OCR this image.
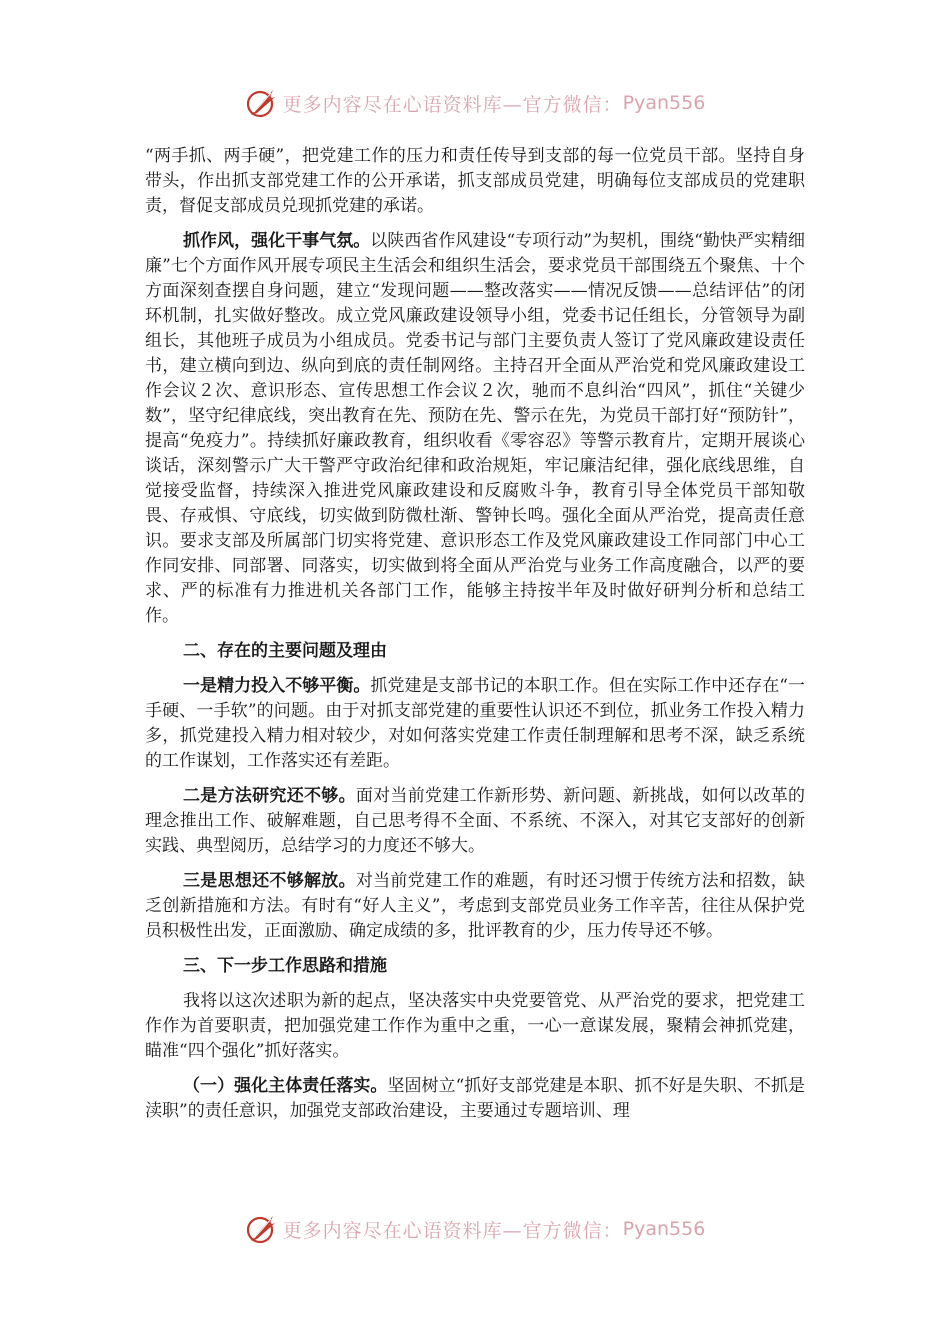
更多内容尽在心语资料库—官方微信： Pyan556

“两手抓、两手硬”，把党建工作的压力和责任传导到支部的每一位党员干部。坚持自身带头，作出抓支部党建工作的公开承诺，抓支部成员党建，明确每位支部成员的党建职责，督促支部成员兑现抓党建的承诺。

抓作风，强化干事气氛。以陕西省作风建设“专项行动”为契机，围绕“勤快严实精细廉”七个方面作风开展专项民主生活会和组织生活会，要求党员干部围绕五个聚焦、十个方面深刻查摆自身问题，建立“发现问题——整改落实——情况反馈——总结评估”的闭环机制，扎实做好整改。成立党风廉政建设领导小组，党委书记任组长，分管领导为副组长，其他班子成员为小组成员。党委书记与部门主要负责人签订了党风廉政建设责任书，建立横向到边、纵向到底的责任制网络。主持召开全面从严治党和党风廉政建设工作会议２次、意识形态、宣传思想工作会议２次，驰而不息纠治“四风”，抓住“关键少数”，坚守纪律底线，突出教育在先、预防在先、警示在先，为党员干部打好“预防针”，提高“免疫力”。持续抓好廉政教育，组织收看《零容忍》等警示教育片，定期开展谈心谈话，深刻警示广大干警严守政治纪律和政治规矩，牢记廉洁纪律，强化底线思维，自觉接受监督，持续深入推进党风廉政建设和反腐败斗争，教育引导全体党员干部知敬畏、存戒惧、守底线，切实做到防微杜渐、警钟长鸣。强化全面从严治党，提高责任意识。要求支部及所属部门切实将党建、意识形态工作及党风廉政建设工作同部门中心工作同安排、同部署、同落实，切实做到将全面从严治党与业务工作高度融合，以严的要求、严的标准有力推进机关各部门工作，能够主持按半年及时做好研判分析和总结工作。

二、存在的主要问题及理由

一是精力投入不够平衡。抓党建是支部书记的本职工作。但在实际工作中还存在“一手硬、一手软”的问题。由于对抓支部党建的重要性认识还不到位，抓业务工作投入精力多，抓党建投入精力相对较少，对如何落实党建工作责任制理解和思考不深，缺乏系统的工作谋划，工作落实还有差距。

二是方法研究还不够。面对当前党建工作新形势、新问题、新挑战，如何以改革的理念推出工作、破解难题，自己思考得不全面、不系统、不深入，对其它支部好的创新实践、典型阅历，总结学习的力度还不够大。

三是思想还不够解放。对当前党建工作的难题，有时还习惯于传统方法和招数，缺乏创新措施和方法。有时有“好人主义”，考虑到支部党员业务工作辛苦，往往从保护党员积极性出发，正面激励、确定成绩的多，批评教育的少，压力传导还不够。

三、下一步工作思路和措施

我将以这次述职为新的起点，坚决落实中央党要管党、从严治党的要求，把党建工作作为首要职责，把加强党建工作作为重中之重，一心一意谋发展，聚精会神抓党建，瞄准“四个强化”抓好落实。

（一）强化主体责任落实。坚固树立“抓好支部党建是本职、抓不好是失职、不抓是渎职”的责任意识，加强党支部政治建设，主要通过专题培训、理

更多内容尽在心语资料库—官方微信： Pyan556
